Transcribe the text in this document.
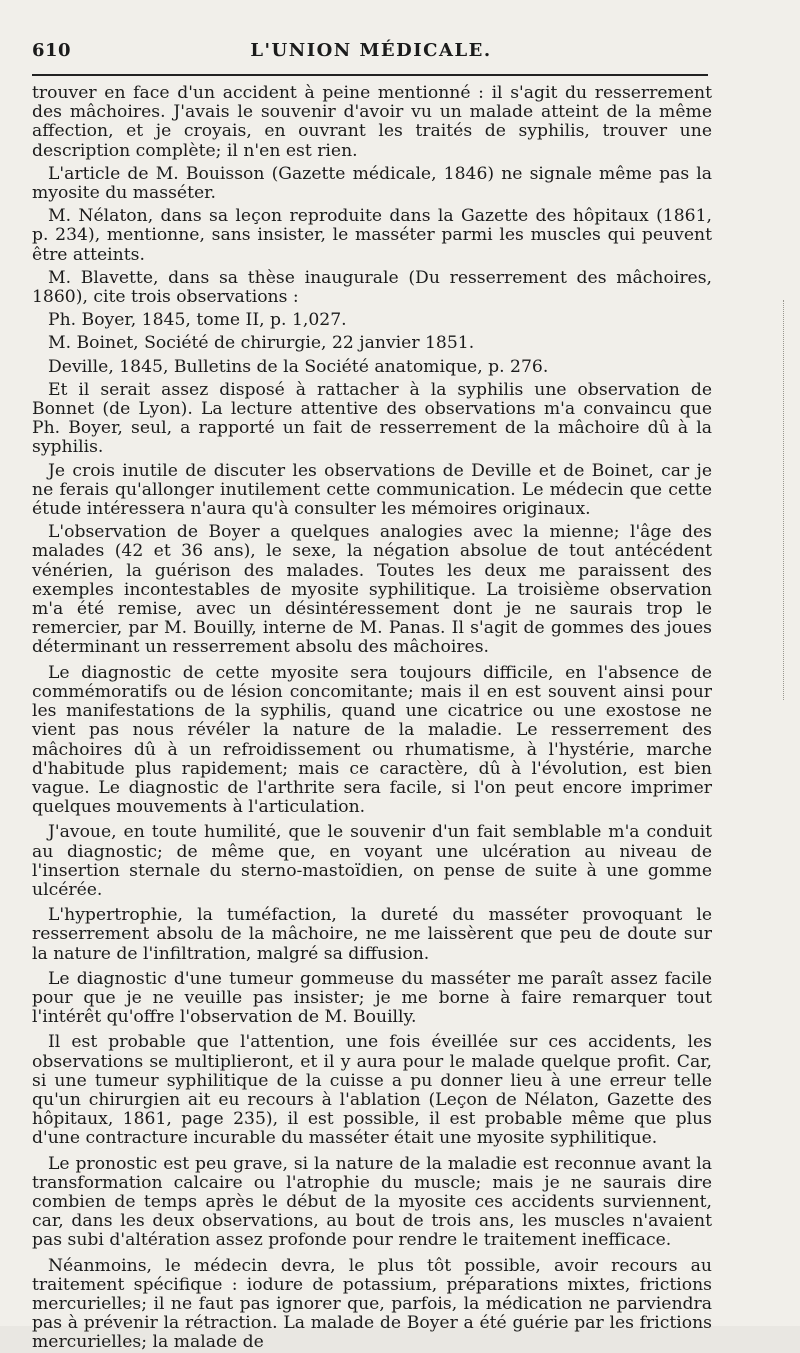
610	L'UNION MÉDICALE.

trouver en face d'un accident à peine mentionné : il s'agit du resserrement des mâchoires. J'avais le souvenir d'avoir vu un malade atteint de la même affection, et je croyais, en ouvrant les traités de syphilis, trouver une description complète; il n'en est rien.

L'article de M. Bouisson (Gazette médicale, 1846) ne signale même pas la myosite du masséter.

M. Nélaton, dans sa leçon reproduite dans la Gazette des hôpitaux (1861, p. 234), mentionne, sans insister, le masséter parmi les muscles qui peuvent être atteints.

M. Blavette, dans sa thèse inaugurale (Du resserrement des mâchoires, 1860), cite trois observations :

Ph. Boyer, 1845, tome II, p. 1,027.

M. Boinet, Société de chirurgie, 22 janvier 1851.

Deville, 1845, Bulletins de la Société anatomique, p. 276.

Et il serait assez disposé à rattacher à la syphilis une observation de Bonnet (de Lyon). La lecture attentive des observations m'a convaincu que Ph. Boyer, seul, a rapporté un fait de resserrement de la mâchoire dû à la syphilis.

Je crois inutile de discuter les observations de Deville et de Boinet, car je ne ferais qu'allonger inutilement cette communication. Le médecin que cette étude intéressera n'aura qu'à consulter les mémoires originaux.

L'observation de Boyer a quelques analogies avec la mienne; l'âge des malades (42 et 36 ans), le sexe, la négation absolue de tout antécédent vénérien, la guérison des malades. Toutes les deux me paraissent des exemples incontestables de myosite syphilitique. La troisième observation m'a été remise, avec un désintéressement dont je ne saurais trop le remercier, par M. Bouilly, interne de M. Panas. Il s'agit de gommes des joues déterminant un resserrement absolu des mâchoires.

Le diagnostic de cette myosite sera toujours difficile, en l'absence de commémoratifs ou de lésion concomitante; mais il en est souvent ainsi pour les manifestations de la syphilis, quand une cicatrice ou une exostose ne vient pas nous révéler la nature de la maladie. Le resserrement des mâchoires dû à un refroidissement ou rhumatisme, à l'hystérie, marche d'habitude plus rapidement; mais ce caractère, dû à l'évolution, est bien vague. Le diagnostic de l'arthrite sera facile, si l'on peut encore imprimer quelques mouvements à l'articulation.

J'avoue, en toute humilité, que le souvenir d'un fait semblable m'a conduit au diagnostic; de même que, en voyant une ulcération au niveau de l'insertion sternale du sterno-mastoïdien, on pense de suite à une gomme ulcérée.

L'hypertrophie, la tuméfaction, la dureté du masséter provoquant le resserrement absolu de la mâchoire, ne me laissèrent que peu de doute sur la nature de l'infiltration, malgré sa diffusion.

Le diagnostic d'une tumeur gommeuse du masséter me paraît assez facile pour que je ne veuille pas insister; je me borne à faire remarquer tout l'intérêt qu'offre l'observation de M. Bouilly.

Il est probable que l'attention, une fois éveillée sur ces accidents, les observations se multiplieront, et il y aura pour le malade quelque profit. Car, si une tumeur syphilitique de la cuisse a pu donner lieu à une erreur telle qu'un chirurgien ait eu recours à l'ablation (Leçon de Nélaton, Gazette des hôpitaux, 1861, page 235), il est possible, il est probable même que plus d'une contracture incurable du masséter était une myosite syphilitique.

Le pronostic est peu grave, si la nature de la maladie est reconnue avant la transformation calcaire ou l'atrophie du muscle; mais je ne saurais dire combien de temps après le début de la myosite ces accidents surviennent, car, dans les deux observations, au bout de trois ans, les muscles n'avaient pas subi d'altération assez profonde pour rendre le traitement inefficace.

Néanmoins, le médecin devra, le plus tôt possible, avoir recours au traitement spécifique : iodure de potassium, préparations mixtes, frictions mercurielles; il ne faut pas ignorer que, parfois, la médication ne parviendra pas à prévenir la rétraction. La malade de Boyer a été guérie par les frictions mercurielles; la malade de
